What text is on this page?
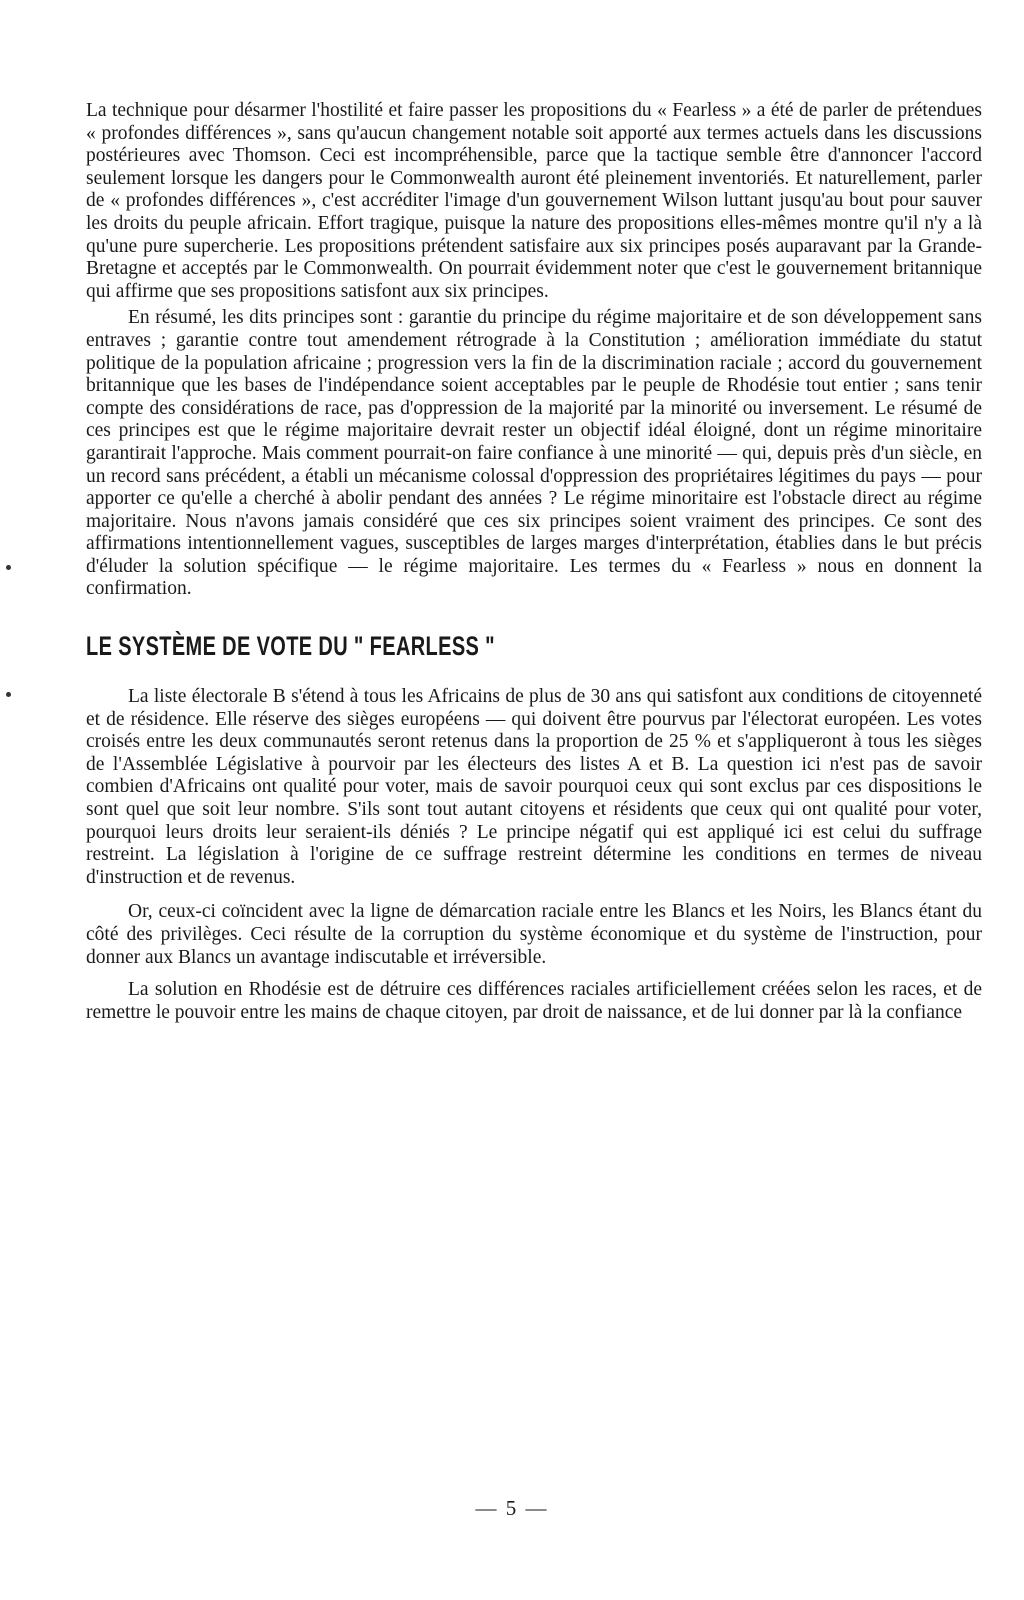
La technique pour désarmer l'hostilité et faire passer les propositions du « Fearless » a été de parler de prétendues « profondes différences », sans qu'aucun changement notable soit apporté aux termes actuels dans les discussions postérieures avec Thomson. Ceci est incompréhensible, parce que la tactique semble être d'annoncer l'accord seulement lorsque les dangers pour le Commonwealth auront été pleinement inventoriés. Et naturellement, parler de « profondes différences », c'est accréditer l'image d'un gouvernement Wilson luttant jusqu'au bout pour sauver les droits du peuple africain. Effort tragique, puisque la nature des propositions elles-mêmes montre qu'il n'y a là qu'une pure supercherie. Les propositions prétendent satisfaire aux six principes posés auparavant par la Grande-Bretagne et acceptés par le Commonwealth. On pourrait évidemment noter que c'est le gouvernement britannique qui affirme que ses propositions satisfont aux six principes.

En résumé, les dits principes sont : garantie du principe du régime majoritaire et de son développement sans entraves ; garantie contre tout amendement rétrograde à la Constitution ; amélioration immédiate du statut politique de la population africaine ; progression vers la fin de la discrimination raciale ; accord du gouvernement britannique que les bases de l'indépendance soient acceptables par le peuple de Rhodésie tout entier ; sans tenir compte des considérations de race, pas d'oppression de la majorité par la minorité ou inversement. Le résumé de ces principes est que le régime majoritaire devrait rester un objectif idéal éloigné, dont un régime minoritaire garantirait l'approche. Mais comment pourrait-on faire confiance à une minorité — qui, depuis près d'un siècle, en un record sans précédent, a établi un mécanisme colossal d'oppression des propriétaires légitimes du pays — pour apporter ce qu'elle a cherché à abolir pendant des années ? Le régime minoritaire est l'obstacle direct au régime majoritaire. Nous n'avons jamais considéré que ces six principes soient vraiment des principes. Ce sont des affirmations intentionnellement vagues, susceptibles de larges marges d'interprétation, établies dans le but précis d'éluder la solution spécifique — le régime majoritaire. Les termes du « Fearless » nous en donnent la confirmation.

LE SYSTÈME DE VOTE DU " FEARLESS "

La liste électorale B s'étend à tous les Africains de plus de 30 ans qui satisfont aux conditions de citoyenneté et de résidence. Elle réserve des sièges européens — qui doivent être pourvus par l'électorat européen. Les votes croisés entre les deux communautés seront retenus dans la proportion de 25 % et s'appliqueront à tous les sièges de l'Assemblée Législative à pourvoir par les électeurs des listes A et B. La question ici n'est pas de savoir combien d'Africains ont qualité pour voter, mais de savoir pourquoi ceux qui sont exclus par ces dispositions le sont quel que soit leur nombre. S'ils sont tout autant citoyens et résidents que ceux qui ont qualité pour voter, pourquoi leurs droits leur seraient-ils déniés ? Le principe négatif qui est appliqué ici est celui du suffrage restreint. La législation à l'origine de ce suffrage restreint détermine les conditions en termes de niveau d'instruction et de revenus.

Or, ceux-ci coïncident avec la ligne de démarcation raciale entre les Blancs et les Noirs, les Blancs étant du côté des privilèges. Ceci résulte de la corruption du système économique et du système de l'instruction, pour donner aux Blancs un avantage indiscutable et irréversible.

La solution en Rhodésie est de détruire ces différences raciales artificiellement créées selon les races, et de remettre le pouvoir entre les mains de chaque citoyen, par droit de naissance, et de lui donner par là la confiance

— 5 —
